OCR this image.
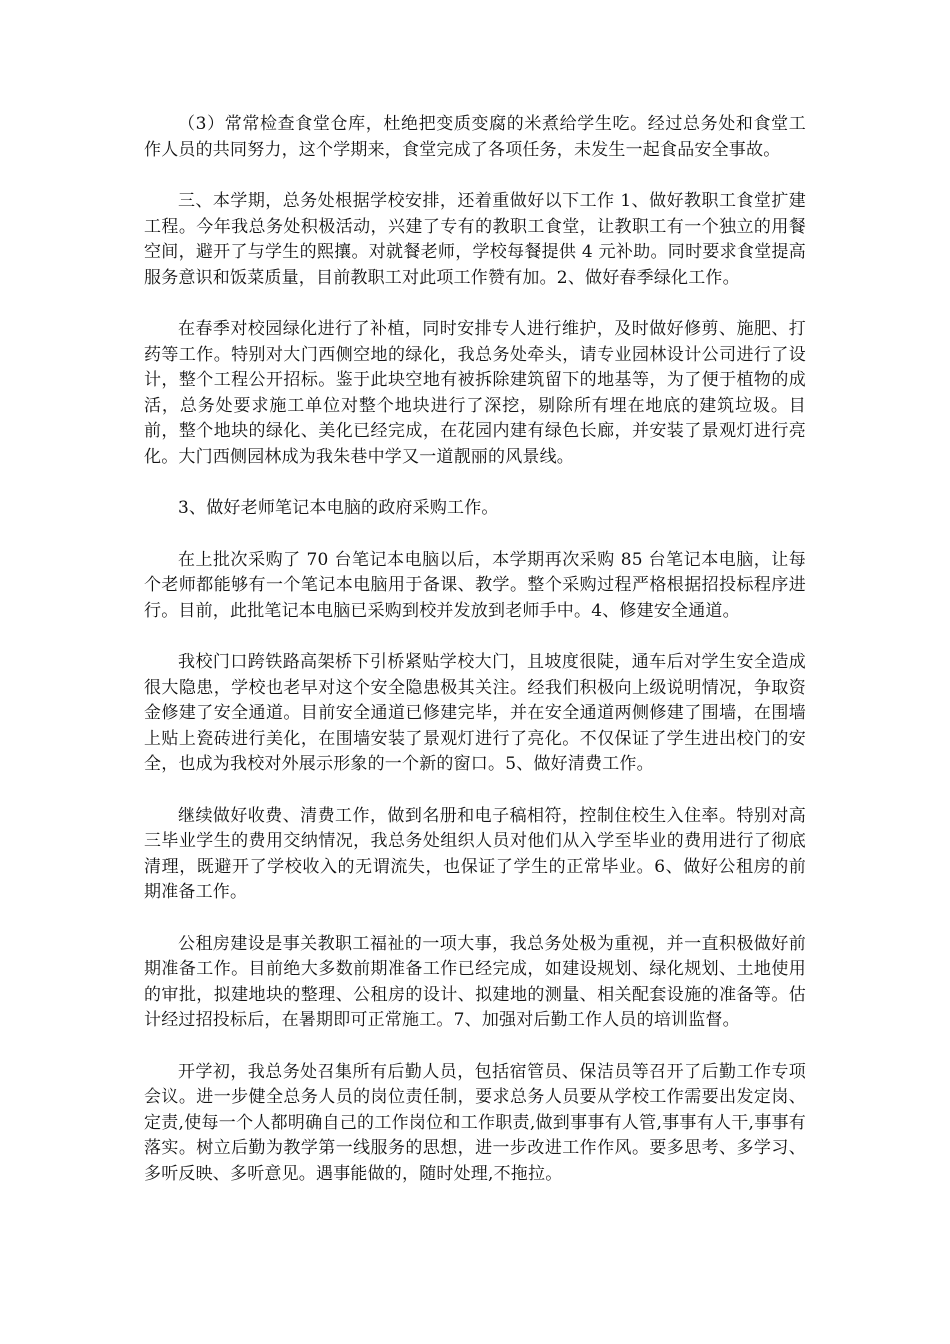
（3）常常检查食堂仓库，杜绝把变质变腐的米煮给学生吃。经过总务处和食堂工作人员的共同努力，这个学期来，食堂完成了各项任务，未发生一起食品安全事故。

三、本学期，总务处根据学校安排，还着重做好以下工作 1、做好教职工食堂扩建工程。今年我总务处积极活动，兴建了专有的教职工食堂，让教职工有一个独立的用餐空间，避开了与学生的熙攘。对就餐老师，学校每餐提供 4 元补助。同时要求食堂提高服务意识和饭菜质量，目前教职工对此项工作赞有加。2、做好春季绿化工作。

在春季对校园绿化进行了补植，同时安排专人进行维护，及时做好修剪、施肥、打药等工作。特别对大门西侧空地的绿化，我总务处牵头，请专业园林设计公司进行了设计，整个工程公开招标。鉴于此块空地有被拆除建筑留下的地基等，为了便于植物的成活，总务处要求施工单位对整个地块进行了深挖，剔除所有埋在地底的建筑垃圾。目前，整个地块的绿化、美化已经完成，在花园内建有绿色长廊，并安装了景观灯进行亮化。大门西侧园林成为我朱巷中学又一道靓丽的风景线。

3、做好老师笔记本电脑的政府采购工作。

在上批次采购了 70 台笔记本电脑以后，本学期再次采购 85 台笔记本电脑，让每个老师都能够有一个笔记本电脑用于备课、教学。整个采购过程严格根据招投标程序进行。目前，此批笔记本电脑已采购到校并发放到老师手中。4、修建安全通道。

我校门口跨铁路高架桥下引桥紧贴学校大门，且坡度很陡，通车后对学生安全造成很大隐患，学校也老早对这个安全隐患极其关注。经我们积极向上级说明情况，争取资金修建了安全通道。目前安全通道已修建完毕，并在安全通道两侧修建了围墙，在围墙上贴上瓷砖进行美化，在围墙安装了景观灯进行了亮化。不仅保证了学生进出校门的安全，也成为我校对外展示形象的一个新的窗口。5、做好清费工作。

继续做好收费、清费工作，做到名册和电子稿相符，控制住校生入住率。特别对高三毕业学生的费用交纳情况，我总务处组织人员对他们从入学至毕业的费用进行了彻底清理，既避开了学校收入的无谓流失，也保证了学生的正常毕业。6、做好公租房的前期准备工作。

公租房建设是事关教职工福祉的一项大事，我总务处极为重视，并一直积极做好前期准备工作。目前绝大多数前期准备工作已经完成，如建设规划、绿化规划、土地使用的审批，拟建地块的整理、公租房的设计、拟建地的测量、相关配套设施的准备等。估计经过招投标后，在暑期即可正常施工。7、加强对后勤工作人员的培训监督。

开学初，我总务处召集所有后勤人员，包括宿管员、保洁员等召开了后勤工作专项会议。进一步健全总务人员的岗位责任制，要求总务人员要从学校工作需要出发定岗、定责,使每一个人都明确自己的工作岗位和工作职责,做到事事有人管,事事有人干,事事有落实。树立后勤为教学第一线服务的思想，进一步改进工作作风。要多思考、多学习、多听反映、多听意见。遇事能做的，随时处理,不拖拉。
